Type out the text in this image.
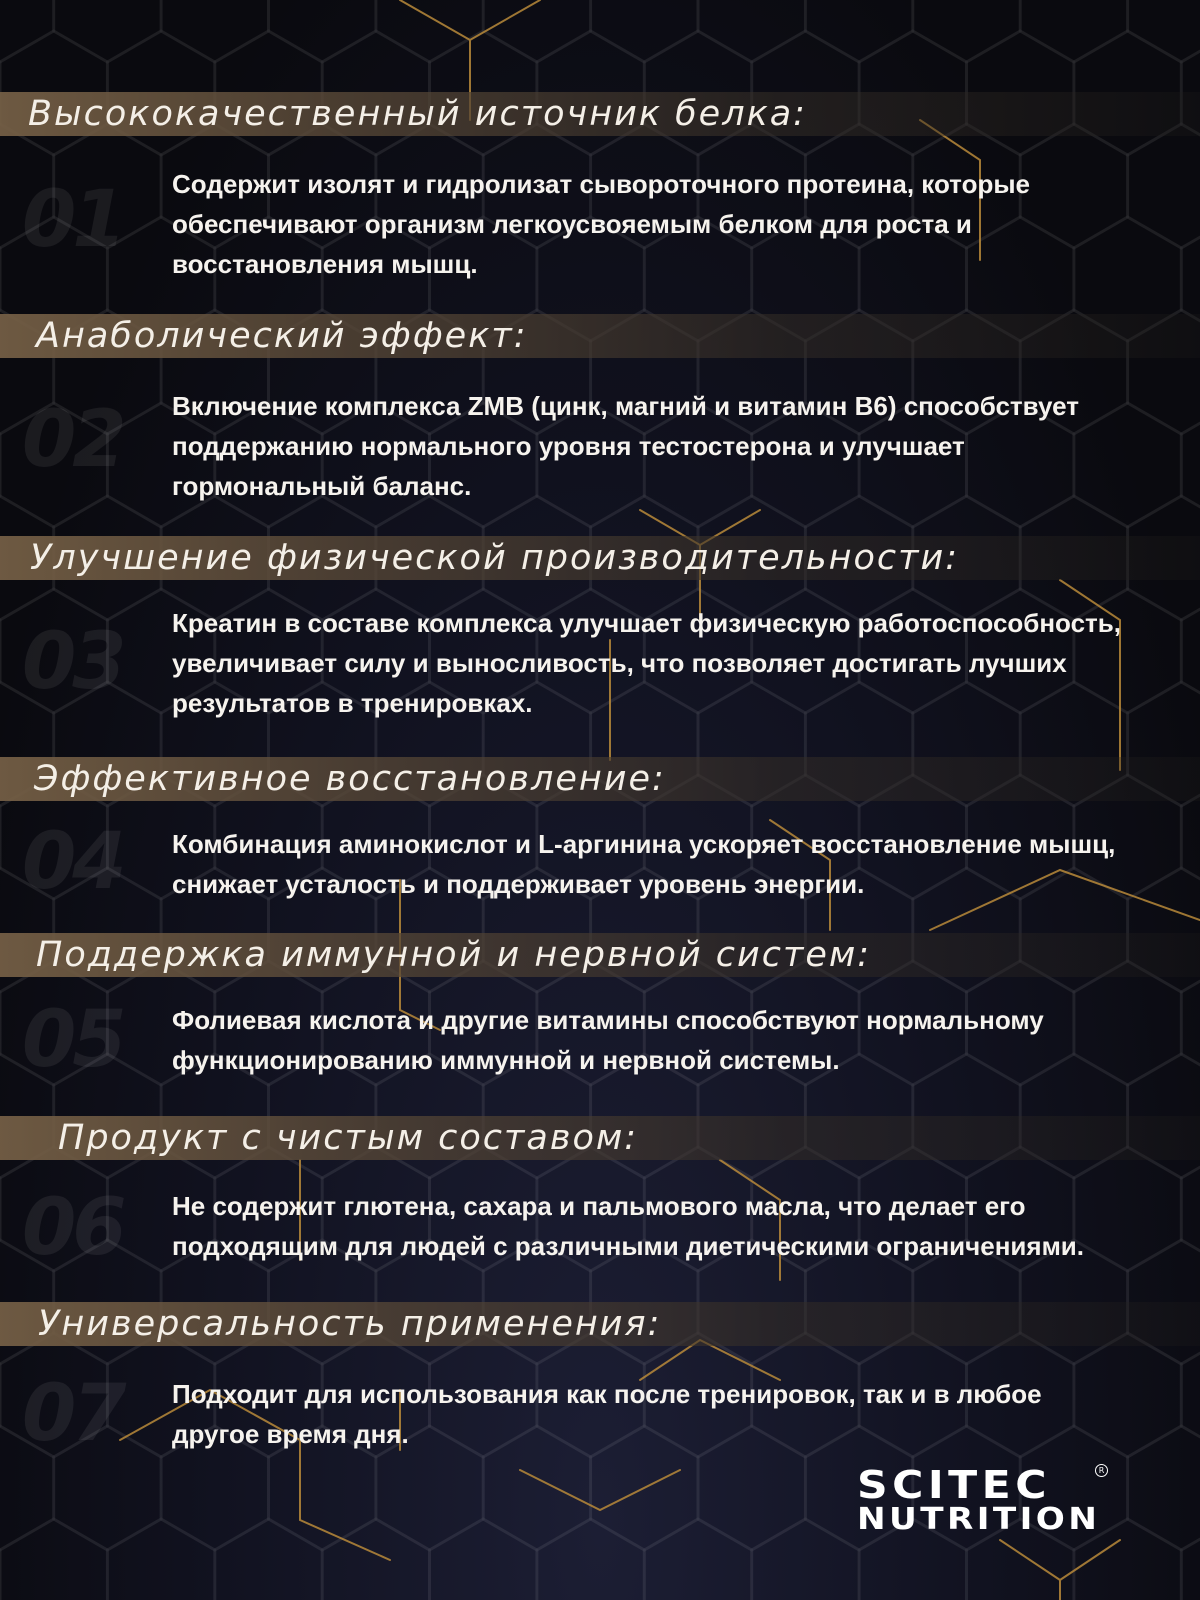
Высококачественный источник белка:
01 Содержит изолят и гидролизат сывороточного протеина, которые обеспечивают организм легкоусвояемым белком для роста и восстановления мышц.
Анаболический эффект:
02 Включение комплекса ZMB (цинк, магний и витамин B6) способствует поддержанию нормального уровня тестостерона и улучшает гормональный баланс.
Улучшение физической производительности:
03 Креатин в составе комплекса улучшает физическую работоспособность, увеличивает силу и выносливость, что позволяет достигать лучших результатов в тренировках.
Эффективное восстановление:
04 Комбинация аминокислот и L-аргинина ускоряет восстановление мышц, снижает усталость и поддерживает уровень энергии.
Поддержка иммунной и нервной систем:
05 Фолиевая кислота и другие витамины способствуют нормальному функционированию иммунной и нервной системы.
Продукт с чистым составом:
06 Не содержит глютена, сахара и пальмового масла, что делает его подходящим для людей с различными диетическими ограничениями.
Универсальность применения:
07 Подходит для использования как после тренировок, так и в любое другое время дня.
SCITEC
NUTRITION
R
